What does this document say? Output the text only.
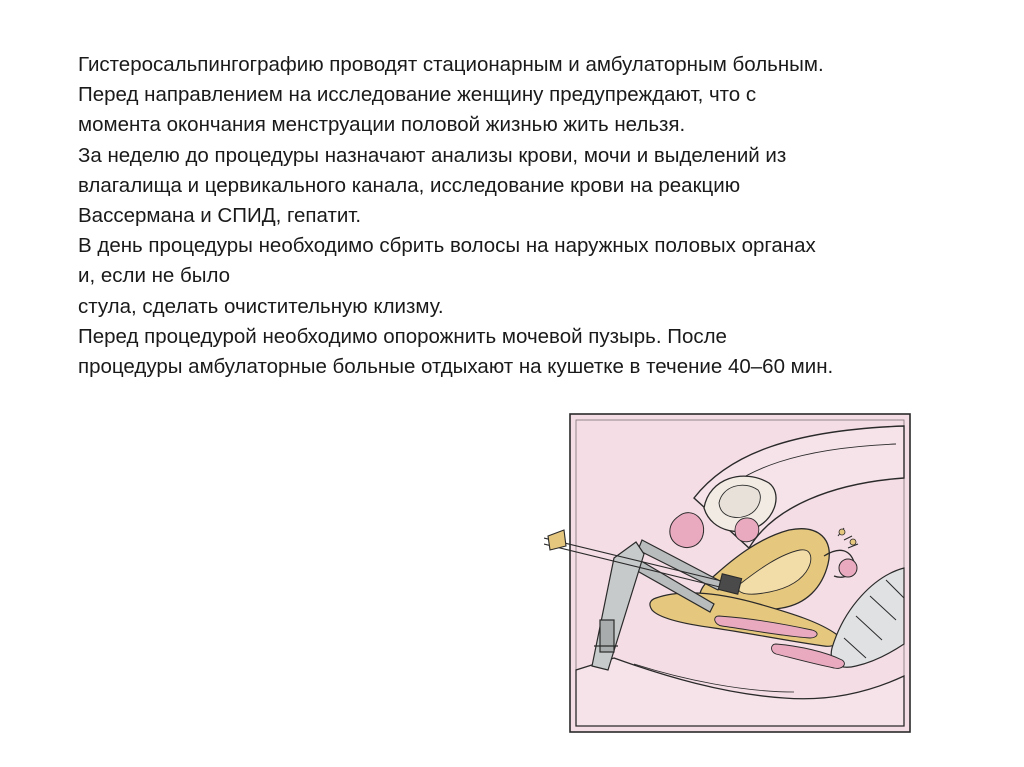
Гистеросальпингографию проводят стационарным и амбулаторным больным.
Перед направлением на исследование женщину предупреждают, что с
момента окончания менструации половой жизнью жить нельзя.
За неделю до процедуры назначают анализы крови, мочи и выделений из
влагалища и цервикального канала, исследование крови на реакцию
Вассермана и СПИД, гепатит.
В день процедуры необходимо сбрить волосы на наружных половых органах
и, если не было
стула, сделать очистительную клизму.
Перед процедурой необходимо опорожнить мочевой пузырь. После
процедуры амбулаторные больные отдыхают на кушетке в течение 40–60 мин.
